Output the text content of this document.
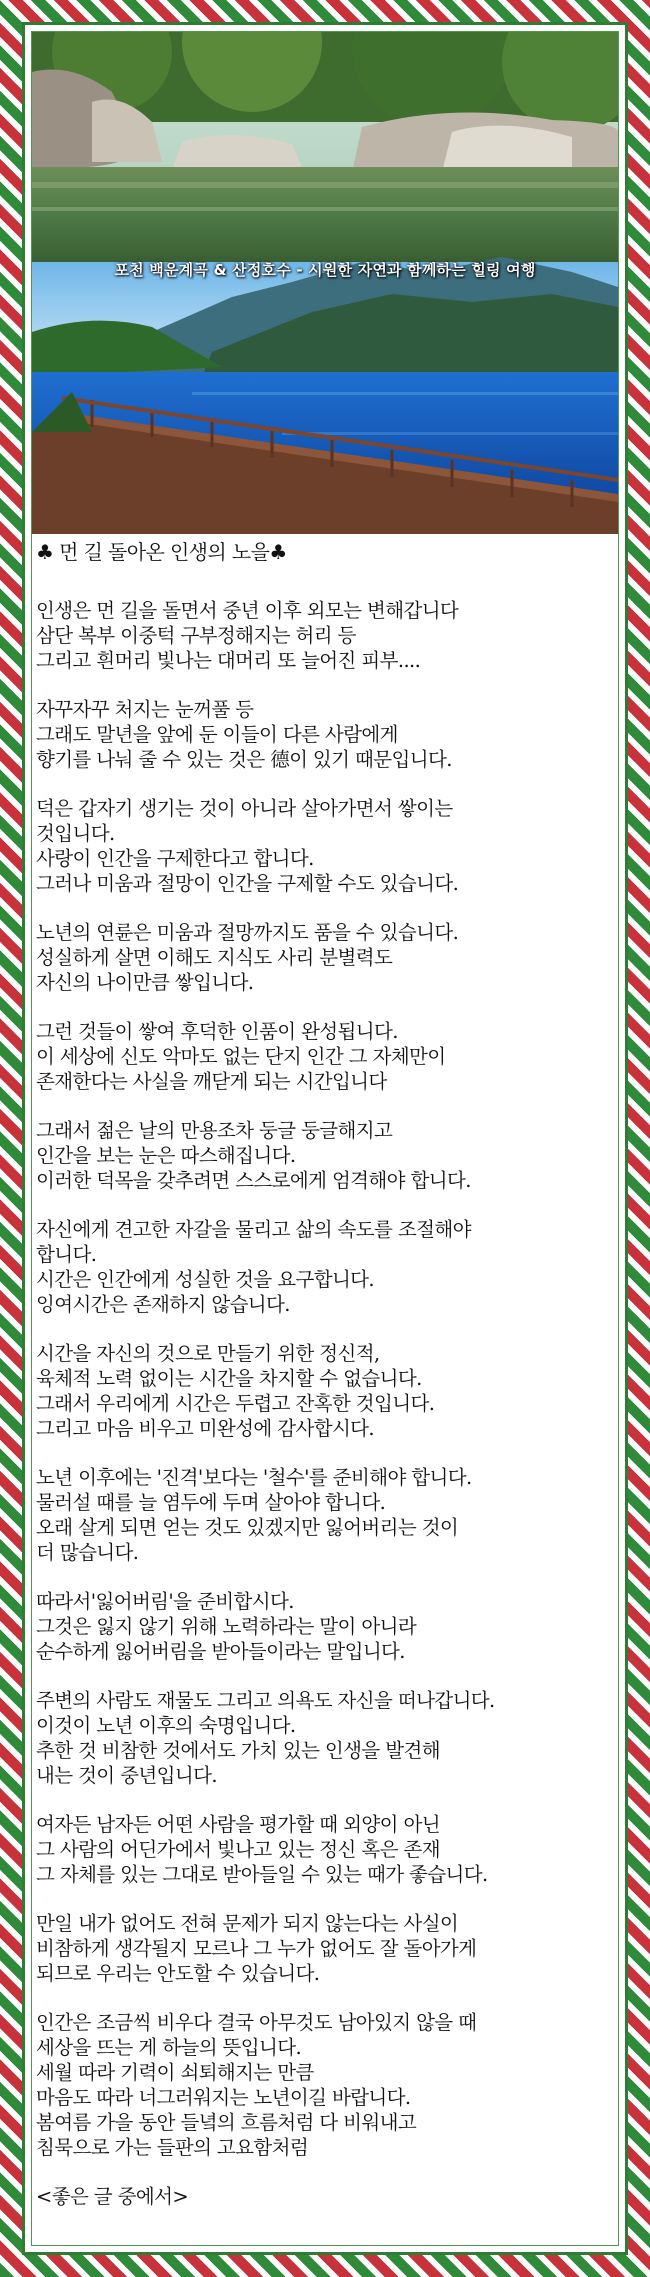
포천 백운계곡 & 산정호수 - 시원한 자연과 함께하는 힐링 여행
♣ 먼 길 돌아온 인생의 노을♣
인생은 먼 길을 돌면서 중년 이후 외모는 변해갑니다
삼단 복부 이중턱 구부정해지는 허리 등
그리고 흰머리 빛나는 대머리 또 늘어진 피부....
자꾸자꾸 처지는 눈꺼풀 등
그래도 말년을 앞에 둔 이들이 다른 사람에게
향기를 나눠 줄 수 있는 것은 德이 있기 때문입니다.
덕은 갑자기 생기는 것이 아니라 살아가면서 쌓이는
것입니다.
사랑이 인간을 구제한다고 합니다.
그러나 미움과 절망이 인간을 구제할 수도 있습니다.
노년의 연륜은 미움과 절망까지도 품을 수 있습니다.
성실하게 살면 이해도 지식도 사리 분별력도
자신의 나이만큼 쌓입니다.
그런 것들이 쌓여 후덕한 인품이 완성됩니다.
이 세상에 신도 악마도 없는 단지 인간 그 자체만이
존재한다는 사실을 깨닫게 되는 시간입니다
그래서 젊은 날의 만용조차 둥글 둥글해지고
인간을 보는 눈은 따스해집니다.
이러한 덕목을 갖추려면 스스로에게 엄격해야 합니다.
자신에게 견고한 자갈을 물리고 삶의 속도를 조절해야
합니다.
시간은 인간에게 성실한 것을 요구합니다.
잉여시간은 존재하지 않습니다.
시간을 자신의 것으로 만들기 위한 정신적,
육체적 노력 없이는 시간을 차지할 수 없습니다.
그래서 우리에게 시간은 두렵고 잔혹한 것입니다.
그리고 마음 비우고 미완성에 감사합시다.
노년 이후에는 '진격'보다는 '철수'를 준비해야 합니다.
물러설 때를 늘 염두에 두며 살아야 합니다.
오래 살게 되면 얻는 것도 있겠지만 잃어버리는 것이
더 많습니다.
따라서'잃어버림'을 준비합시다.
그것은 잃지 않기 위해 노력하라는 말이 아니라
순수하게 잃어버림을 받아들이라는 말입니다.
주변의 사람도 재물도 그리고 의욕도 자신을 떠나갑니다.
이것이 노년 이후의 숙명입니다.
추한 것 비참한 것에서도 가치 있는 인생을 발견해
내는 것이 중년입니다.
여자든 남자든 어떤 사람을 평가할 때 외양이 아닌
그 사람의 어딘가에서 빛나고 있는 정신 혹은 존재
그 자체를 있는 그대로 받아들일 수 있는 때가 좋습니다.
만일 내가 없어도 전혀 문제가 되지 않는다는 사실이
비참하게 생각될지 모르나 그 누가 없어도 잘 돌아가게
되므로 우리는 안도할 수 있습니다.
인간은 조금씩 비우다 결국 아무것도 남아있지 않을 때
세상을 뜨는 게 하늘의 뜻입니다.
세월 따라 기력이 쇠퇴해지는 만큼
마음도 따라 너그러워지는 노년이길 바랍니다.
봄여름 가을 동안 들녘의 흐름처럼 다 비워내고
침묵으로 가는 들판의 고요함처럼
<좋은 글 중에서>
